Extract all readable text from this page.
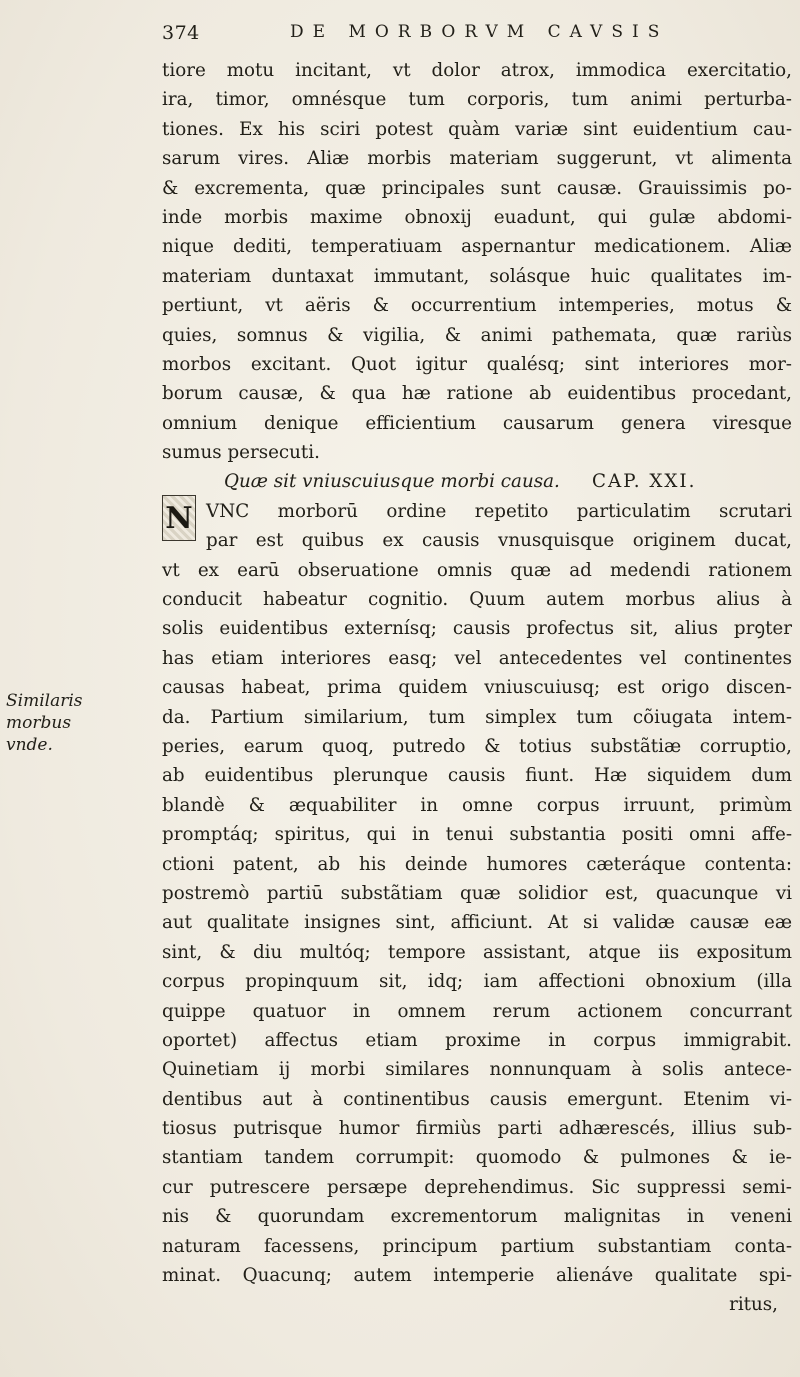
374	DE MORBORVM CAVSIS
Similaris
morbus
vnde.
N
tiore motu incitant, vt dolor atrox, immodica exercitatio,
ira, timor, omnésque tum corporis, tum animi perturba-
tiones. Ex his sciri potest quàm variæ sint euidentium cau-
sarum vires. Aliæ morbis materiam suggerunt, vt alimenta
& excrementa, quæ principales sunt causæ. Grauissimis po-
inde morbis maxime obnoxij euadunt, qui gulæ abdomi-
nique dediti, temperatiuam aspernantur medicationem. Aliæ
materiam duntaxat immutant, solásque huic qualitates im-
pertiunt, vt aëris & occurrentium intemperies, motus &
quies, somnus & vigilia, & animi pathemata, quæ rariùs
morbos excitant. Quot igitur qualésq; sint interiores mor-
borum causæ, & qua hæ ratione ab euidentibus procedant,
omnium denique efficientium causarum genera viresque
sumus persecuti.
Quæ sit vniuscuiusque morbi causa. CAP. XXI.
VNC morborū ordine repetito particulatim scrutari
par est quibus ex causis vnusquisque originem ducat,
vt ex earū obseruatione omnis quæ ad medendi rationem
conducit habeatur cognitio. Quum autem morbus alius à
solis euidentibus externísq; causis profectus sit, alius prꝯter
has etiam interiores easq; vel antecedentes vel continentes
causas habeat, prima quidem vniuscuiusq; est origo discen-
da. Partium similarium, tum simplex tum cõiugata intem-
peries, earum quoq, putredo & totius substãtiæ corruptio,
ab euidentibus plerunque causis fiunt. Hæ siquidem dum
blandè & æquabiliter in omne corpus irruunt, primùm
promptáq; spiritus, qui in tenui substantia positi omni affe-
ctioni patent, ab his deinde humores cæteráque contenta:
postremò partiū substãtiam quæ solidior est, quacunque vi
aut qualitate insignes sint, afficiunt. At si validæ causæ eæ
sint, & diu multóq; tempore assistant, atque iis expositum
corpus propinquum sit, idq; iam affectioni obnoxium (illa
quippe quatuor in omnem rerum actionem concurrant
oportet) affectus etiam proxime in corpus immigrabit.
Quinetiam ij morbi similares nonnunquam à solis antece-
dentibus aut à continentibus causis emergunt. Etenim vi-
tiosus putrisque humor firmiùs parti adhærescés, illius sub-
stantiam tandem corrumpit: quomodo & pulmones & ie-
cur putrescere persæpe deprehendimus. Sic suppressi semi-
nis & quorundam excrementorum malignitas in veneni
naturam facessens, principum partium substantiam conta-
minat. Quacunq; autem intemperie alienáve qualitate spi-
ritus,
